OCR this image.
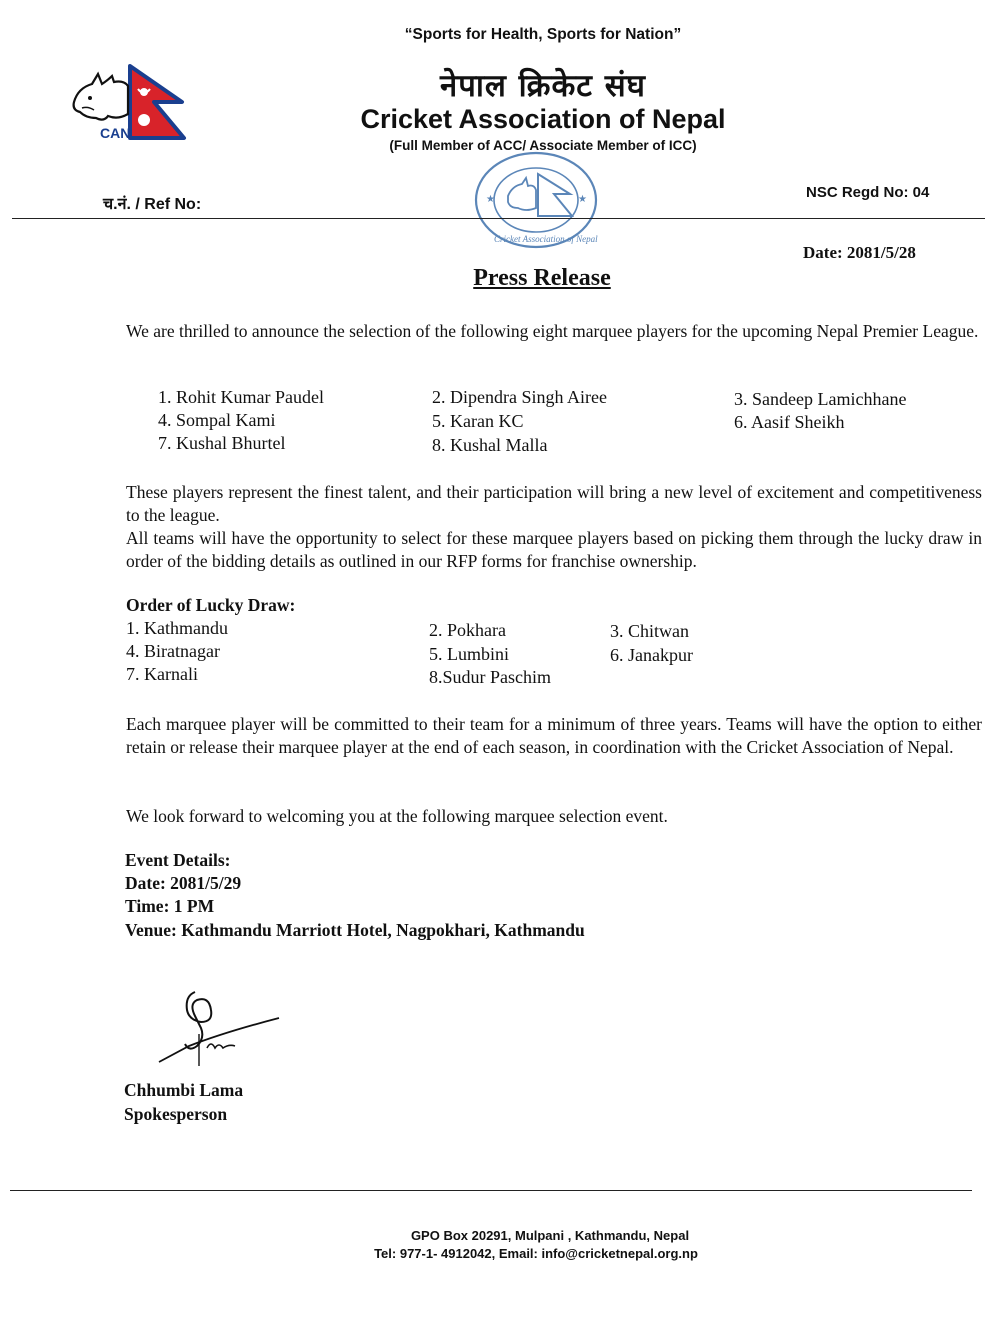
“Sports for Health, Sports for Nation”
CAN
नेपाल क्रिकेट संघ
Cricket Association of Nepal
(Full Member of ACC/ Associate Member of ICC)
★	★
Cricket Association of Nepal
च.नं. / Ref No:
NSC Regd No: 04
Date: 2081/5/28
Press Release
We are thrilled to announce the selection of the following eight marquee players for the upcoming Nepal Premier League.
1. Rohit Kumar Paudel	2. Dipendra Singh Airee	3. Sandeep Lamichhane
4. Sompal Kami	5. Karan KC	6. Aasif Sheikh
7. Kushal Bhurtel	8. Kushal Malla
These players represent the finest talent, and their participation will bring a new level of excitement and competitiveness to the league.
All teams will have the opportunity to select for these marquee players based on picking them through the lucky draw in order of the bidding details as outlined in our RFP forms for franchise ownership.
Order of Lucky Draw:
1. Kathmandu	2. Pokhara	3. Chitwan
4. Biratnagar	5. Lumbini	6. Janakpur
7. Karnali	8.Sudur Paschim
Each marquee player will be committed to their team for a minimum of three years. Teams will have the option to either retain or release their marquee player at the end of each season, in coordination with the Cricket Association of Nepal.
We look forward to welcoming you at the following marquee selection event.
Event Details:
Date: 2081/5/29
Time: 1 PM
Venue: Kathmandu Marriott Hotel, Nagpokhari, Kathmandu
Chhumbi Lama
Spokesperson
GPO Box 20291, Mulpani , Kathmandu, Nepal
Tel: 977-1- 4912042, Email: info@cricketnepal.org.np
